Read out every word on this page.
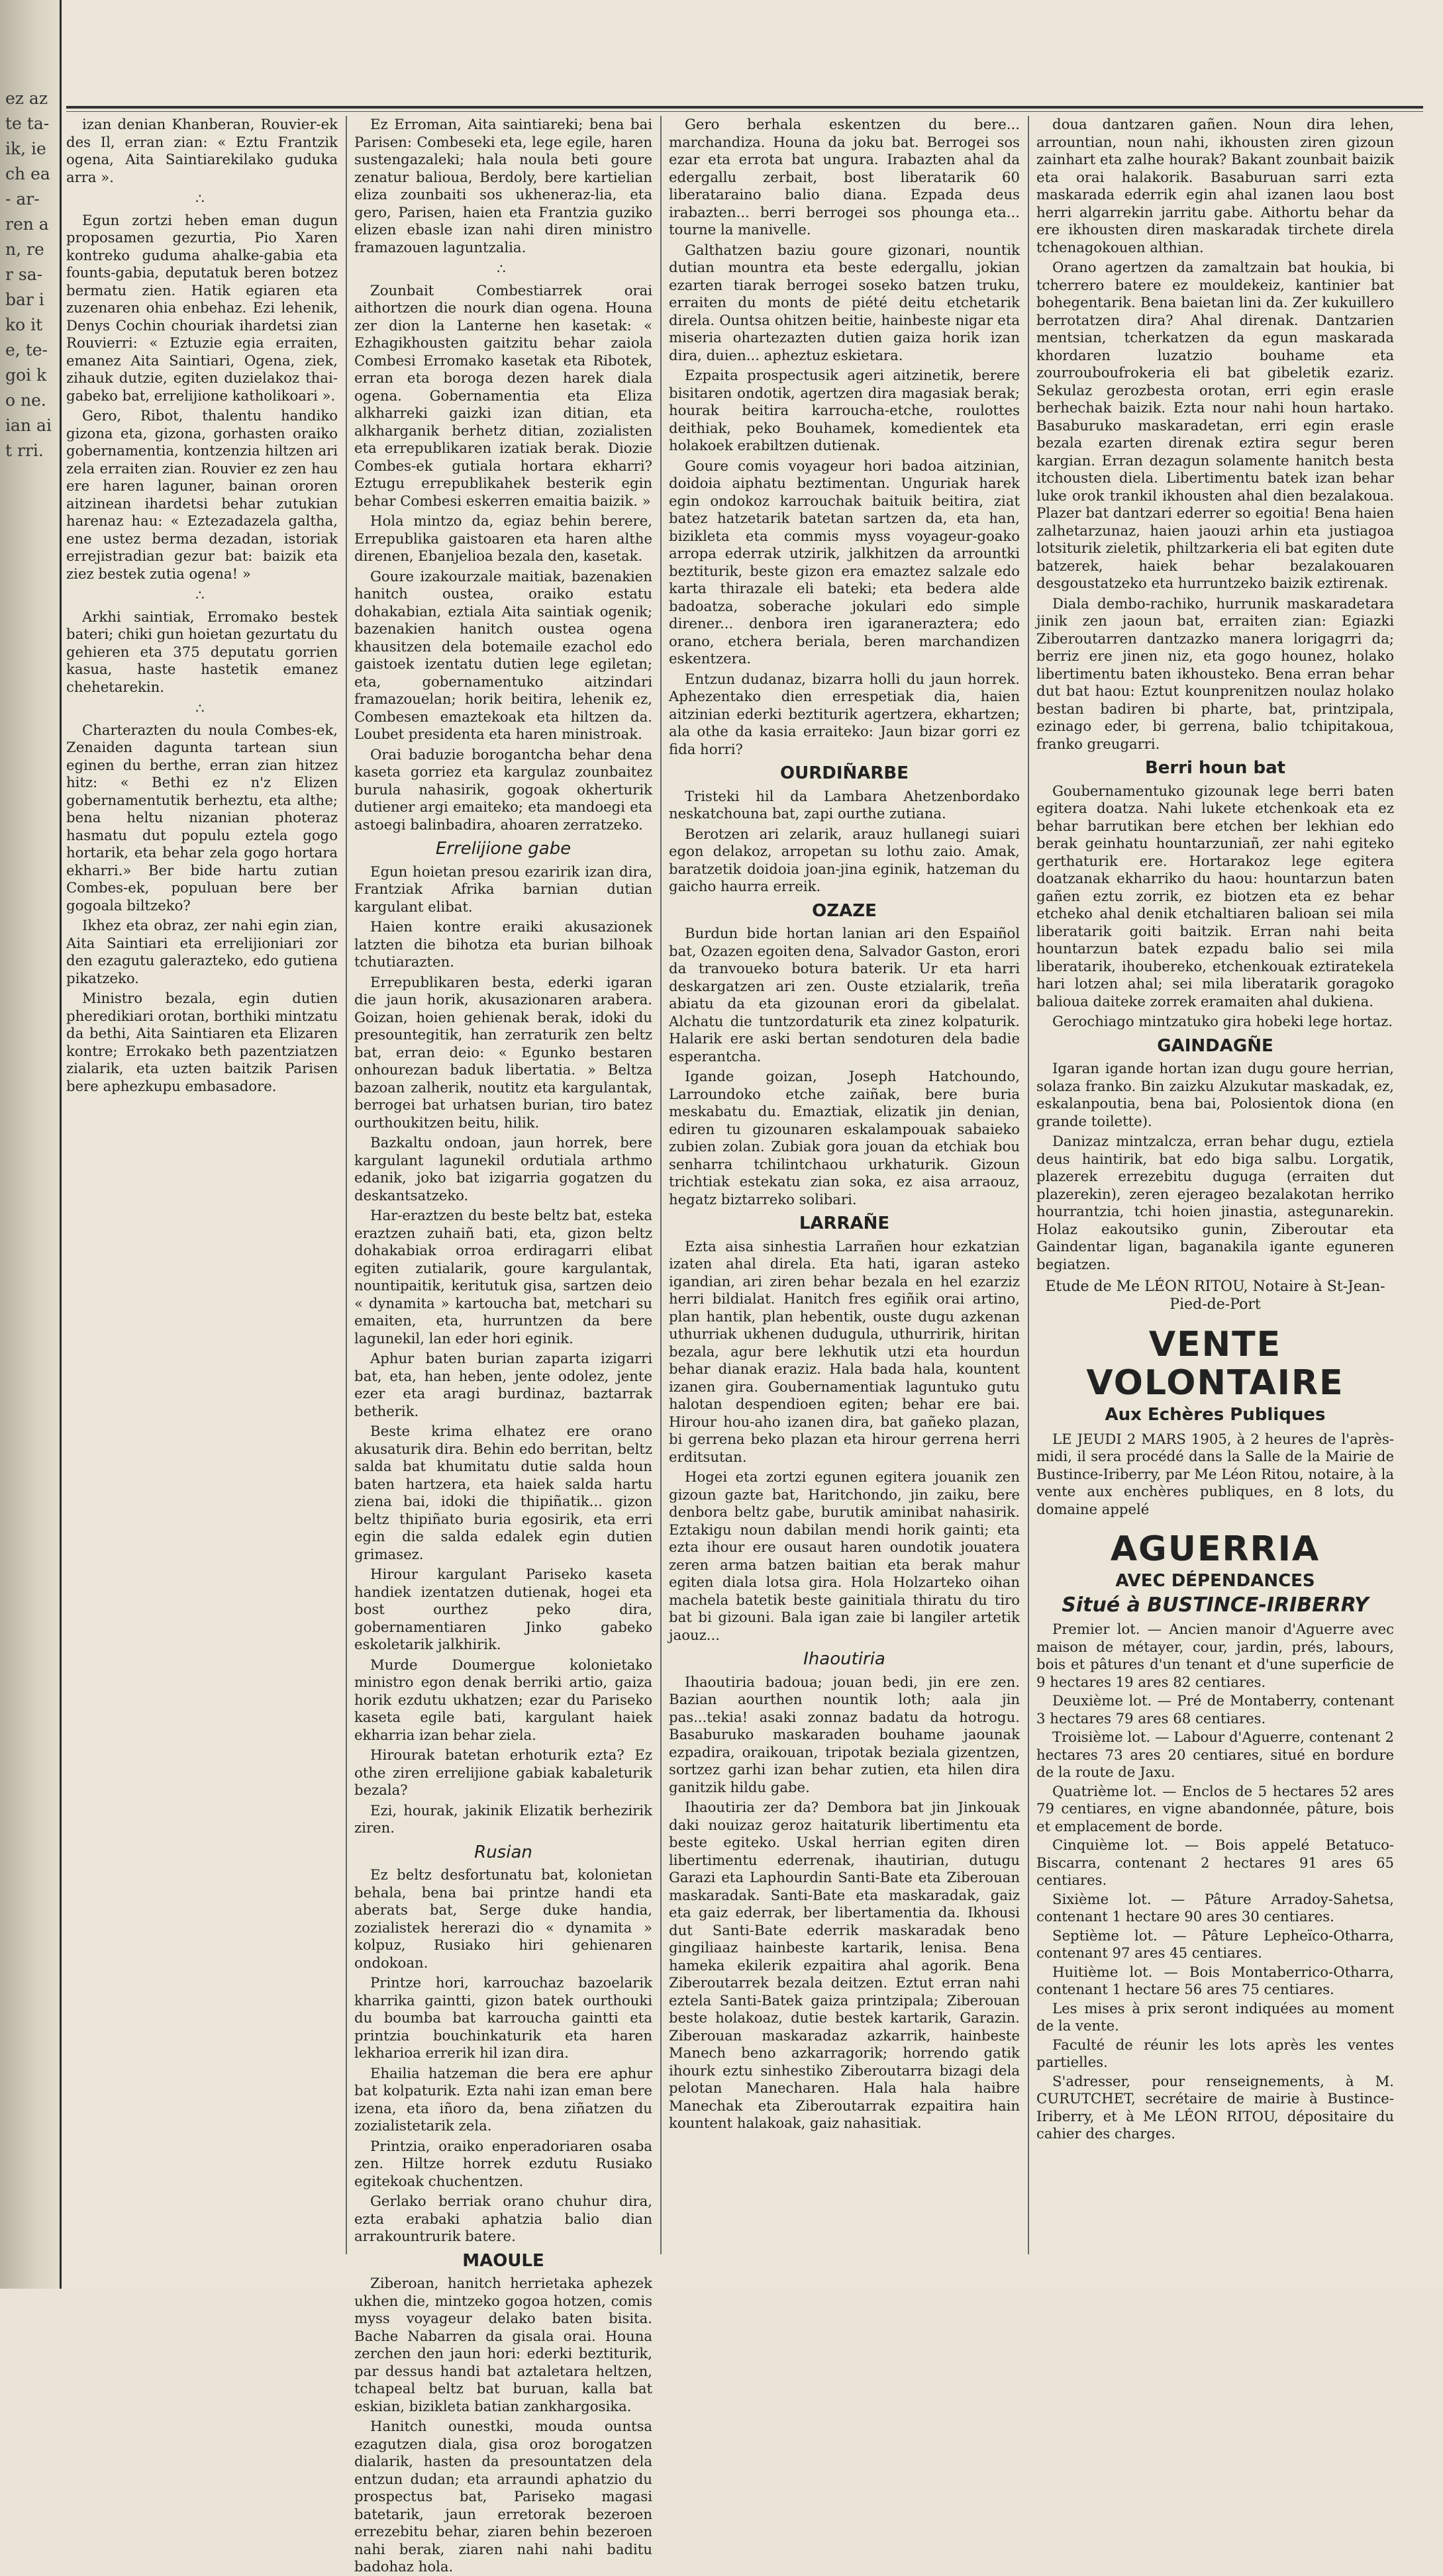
ez azte ta-ik, ie ch ea- ar- ren an, rer sa- bar iko ite, te- goi ko ne. ian ait rri.

izan denian Khanberan, Rouvier-ek des Il, erran zian: « Eztu Frantzik ogena, Aita Saintiarekilako guduka arra ».

∴

Egun zortzi heben eman dugun proposamen gezurtia, Pio Xaren kontreko guduma ahalke-gabia eta founts-gabia, deputatuk beren botzez bermatu zien. Hatik egiaren eta zuzenaren ohia enbehaz. Ezi lehenik, Denys Cochin chouriak ihardetsi zian Rouvierri: « Eztuzie egia erraiten, emanez Aita Saintiari, Ogena, ziek, zihauk dutzie, egiten duzielakoz thai-gabeko bat, errelijione katholikoari ».

Gero, Ribot, thalentu handiko gizona eta, gizona, gorhasten oraiko gobernamentia, kontzenzia hiltzen ari zela erraiten zian. Rouvier ez zen hau ere haren laguner, bainan ororen aitzinean ihardetsi behar zutukian harenaz hau: « Eztezadazela galtha, ene ustez berma dezadan, istoriak errejistradian gezur bat: baizik eta ziez bestek zutia ogena! »

∴

Arkhi saintiak, Erromako bestek bateri; chiki gun hoietan gezurtatu du gehieren eta 375 deputatu gorrien kasua, haste hastetik emanez chehetarekin.

∴

Charterazten du noula Combes-ek, Zenaiden dagunta tartean siun eginen du berthe, erran zian hitzez hitz: « Bethi ez n'z Elizen gobernamentutik berheztu, eta althe; bena heltu nizanian photeraz hasmatu dut populu eztela gogo hortarik, eta behar zela gogo hortara ekharri.» Ber bide hartu zutian Combes-ek, populuan bere ber gogoala biltzeko?

Ikhez eta obraz, zer nahi egin zian, Aita Saintiari eta errelijioniari zor den ezagutu galerazteko, edo gutiena pikatzeko.

Ministro bezala, egin dutien pheredikiari orotan, borthiki mintzatu da bethi, Aita Saintiaren eta Elizaren kontre; Errokako beth pazentziatzen zialarik, eta uzten baitzik Parisen bere aphezkupu embasadore.

Ez Erroman, Aita saintiareki; bena bai Parisen: Combeseki eta, lege egile, haren sustengazaleki; hala noula beti goure zenatur balioua, Berdoly, bere kartielian eliza zounbaiti sos ukheneraz-lia, eta gero, Parisen, haien eta Frantzia guziko elizen ebasle izan nahi diren ministro framazouen laguntzalia.

∴

Zounbait Combestiarrek orai aithortzen die nourk dian ogena. Houna zer dion la Lanterne hen kasetak: « Ezhagikhousten gaitzitu behar zaiola Combesi Erromako kasetak eta Ribotek, erran eta boroga dezen harek diala ogena. Gobernamentia eta Eliza alkharreki gaizki izan ditian, eta alkharganik berhetz ditian, zozialisten eta errepublikaren izatiak berak. Diozie Combes-ek gutiala hortara ekharri? Eztugu errepublikahek besterik egin behar Combesi eskerren emaitia baizik. »

Hola mintzo da, egiaz behin berere, Errepublika gaistoaren eta haren althe direnen, Ebanjelioa bezala den, kasetak.

Goure izakourzale maitiak, bazenakien hanitch oustea, oraiko estatu dohakabian, eztiala Aita saintiak ogenik; bazenakien hanitch oustea ogena khausitzen dela botemaile ezachol edo gaistoek izentatu dutien lege egiletan; eta, gobernamentuko aitzindari framazouelan; horik beitira, lehenik ez, Combesen emaztekoak eta hiltzen da. Loubet presidenta eta haren ministroak.

Orai baduzie borogantcha behar dena kaseta gorriez eta kargulaz zounbaitez burula nahasirik, gogoak okherturik dutiener argi emaiteko; eta mandoegi eta astoegi balinbadira, ahoaren zerratzeko.

Errelijione gabe

Egun hoietan presou ezaririk izan dira, Frantziak Afrika barnian dutian kargulant elibat.

Haien kontre eraiki akusazionek latzten die bihotza eta burian bilhoak tchutiarazten.

Errepublikaren besta, ederki igaran die jaun horik, akusazionaren arabera. Goizan, hoien gehienak berak, idoki du presountegitik, han zerraturik zen beltz bat, erran deio: « Egunko bestaren onhourezan baduk libertatia. » Beltza bazoan zalherik, noutitz eta kargulantak, berrogei bat urhatsen burian, tiro batez ourthoukitzen beitu, hilik.

Bazkaltu ondoan, jaun horrek, bere kargulant lagunekil ordutiala arthmo edanik, joko bat izigarria gogatzen du deskantsatzeko.

Har-eraztzen du beste beltz bat, esteka eraztzen zuhaiñ bati, eta, gizon beltz dohakabiak orroa erdiragarri elibat egiten zutialarik, goure kargulantak, nountipaitik, keritutuk gisa, sartzen deio « dynamita » kartoucha bat, metchari su emaiten, eta, hurruntzen da bere lagunekil, lan eder hori eginik.

Aphur baten burian zaparta izigarri bat, eta, han heben, jente odolez, jente ezer eta aragi burdinaz, baztarrak betherik.

Beste krima elhatez ere orano akusaturik dira. Behin edo berritan, beltz salda bat khumitatu dutie salda houn baten hartzera, eta haiek salda hartu ziena bai, idoki die thipiñatik... gizon beltz thipiñato buria egosirik, eta erri egin die salda edalek egin dutien grimasez.

Hirour kargulant Pariseko kaseta handiek izentatzen dutienak, hogei eta bost ourthez peko dira, gobernamentiaren Jinko gabeko eskoletarik jalkhirik.

Murde Doumergue kolonietako ministro egon denak berriki artio, gaiza horik ezdutu ukhatzen; ezar du Pariseko kaseta egile bati, kargulant haiek ekharria izan behar ziela.

Hirourak batetan erhoturik ezta? Ez othe ziren errelijione gabiak kabaleturik bezala?

Ezi, hourak, jakinik Elizatik berhezirik ziren.

Rusian

Ez beltz desfortunatu bat, kolonietan behala, bena bai printze handi eta aberats bat, Serge duke handia, zozialistek hererazi dio « dynamita » kolpuz, Rusiako hiri gehienaren ondokoan.

Printze hori, karrouchaz bazoelarik kharrika gaintti, gizon batek ourthouki du boumba bat karroucha gaintti eta printzia bouchinkaturik eta haren lekharioa errerik hil izan dira.

Ehailia hatzeman die bera ere aphur bat kolpaturik. Ezta nahi izan eman bere izena, eta iñoro da, bena ziñatzen du zozialistetarik zela.

Printzia, oraiko enperadoriaren osaba zen. Hiltze horrek ezdutu Rusiako egitekoak chuchentzen.

Gerlako berriak orano chuhur dira, ezta erabaki aphatzia balio dian arrakountrurik batere.

MAOULE

Ziberoan, hanitch herrietaka aphezek ukhen die, mintzeko gogoa hotzen, comis myss voyageur delako baten bisita. Bache Nabarren da gisala orai. Houna zerchen den jaun hori: ederki beztiturik, par dessus handi bat aztaletara heltzen, tchapeal beltz bat buruan, kalla bat eskian, bizikleta batian zankhargosika.

Hanitch ounestki, mouda ountsa ezagutzen diala, gisa oroz borogatzen dialarik, hasten da presountatzen dela entzun dudan; eta arraundi aphatzio du prospectus bat, Pariseko magasi batetarik, jaun erretorak bezeroen errezebitu behar, ziaren behin bezeroen nahi berak, ziaren nahi nahi baditu badohaz hola.

Gero berhala eskentzen du bere... marchandiza. Houna da joku bat. Berrogei sos ezar eta errota bat ungura. Irabazten ahal da edergallu zerbait, bost liberatarik 60 liberataraino balio diana. Ezpada deus irabazten... berri berrogei sos phounga eta... tourne la manivelle.

Galthatzen baziu goure gizonari, nountik dutian mountra eta beste edergallu, jokian ezarten tiarak berrogei soseko batzen truku, erraiten du monts de piété deitu etchetarik direla. Ountsa ohitzen beitie, hainbeste nigar eta miseria ohartezazten dutien gaiza horik izan dira, duien... apheztuz eskietara.

Ezpaita prospectusik ageri aitzinetik, berere bisitaren ondotik, agertzen dira magasiak berak; hourak beitira karroucha-etche, roulottes deithiak, peko Bouhamek, komedientek eta holakoek erabiltzen dutienak.

Goure comis voyageur hori badoa aitzinian, doidoia aiphatu beztimentan. Unguriak harek egin ondokoz karrouchak baituik beitira, ziat batez hatzetarik batetan sartzen da, eta han, bizikleta eta commis myss voyageur-goako arropa ederrak utzirik, jalkhitzen da arrountki beztiturik, beste gizon era emaztez salzale edo karta thirazale eli bateki; eta bedera alde badoatza, soberache jokulari edo simple direner... denbora iren igaraneraztera; edo orano, etchera beriala, beren marchandizen eskentzera.

Entzun dudanaz, bizarra holli du jaun horrek. Aphezentako dien errespetiak dia, haien aitzinian ederki beztiturik agertzera, ekhartzen; ala othe da kasia erraiteko: Jaun bizar gorri ez fida horri?

OURDIÑARBE

Tristeki hil da Lambara Ahetzenbordako neskatchouna bat, zapi ourthe zutiana.

Berotzen ari zelarik, arauz hullanegi suiari egon delakoz, arropetan su lothu zaio. Amak, baratzetik doidoia joan-jina eginik, hatzeman du gaicho haurra erreik.

OZAZE

Burdun bide hortan lanian ari den Espaiñol bat, Ozazen egoiten dena, Salvador Gaston, erori da tranvoueko botura baterik. Ur eta harri deskargatzen ari zen. Ouste etzialarik, treña abiatu da eta gizounan erori da gibelalat. Alchatu die tuntzordaturik eta zinez kolpaturik. Halarik ere aski bertan sendoturen dela badie esperantcha.

Igande goizan, Joseph Hatchoundo, Larroundoko etche zaiñak, bere buria meskabatu du. Emaztiak, elizatik jin denian, ediren tu gizounaren eskalampouak sabaieko zubien zolan. Zubiak gora jouan da etchiak bou senharra tchilintchaou urkhaturik. Gizoun trichtiak estekatu zian soka, ez aisa arraouz, hegatz biztarreko solibari.

LARRAÑE

Ezta aisa sinhestia Larrañen hour ezkatzian izaten ahal direla. Eta hati, igaran asteko igandian, ari ziren behar bezala en hel ezarziz herri bildialat. Hanitch fres egiñik orai artino, plan hantik, plan hebentik, ouste dugu azkenan uthurriak ukhenen dudugula, uthurririk, hiritan bezala, agur bere lekhutik utzi eta hourdun behar dianak eraziz. Hala bada hala, kountent izanen gira. Goubernamentiak laguntuko gutu halotan despendioen egiten; behar ere bai. Hirour hou-aho izanen dira, bat gañeko plazan, bi gerrena beko plazan eta hirour gerrena herri erditsutan.

Hogei eta zortzi egunen egitera jouanik zen gizoun gazte bat, Haritchondo, jin zaiku, bere denbora beltz gabe, burutik aminibat nahasirik. Eztakigu noun dabilan mendi horik gainti; eta ezta ihour ere ousaut haren oundotik jouatera zeren arma batzen baitian eta berak mahur egiten diala lotsa gira. Hola Holzarteko oihan machela batetik beste gainitiala thiratu du tiro bat bi gizouni. Bala igan zaie bi langiler artetik jaouz...

Ihaoutiria

Ihaoutiria badoua; jouan bedi, jin ere zen. Bazian aourthen nountik loth; aala jin pas...tekia! asaki zonnaz badatu da hotrogu. Basaburuko maskaraden bouhame jaounak ezpadira, oraikouan, tripotak beziala gizentzen, sortzez garhi izan behar zutien, eta hilen dira ganitzik hildu gabe.

Ihaoutiria zer da? Dembora bat jin Jinkouak daki nouizaz geroz haitaturik libertimentu eta beste egiteko. Uskal herrian egiten diren libertimentu ederrenak, ihautirian, dutugu Garazi eta Laphourdin Santi-Bate eta Ziberouan maskaradak. Santi-Bate eta maskaradak, gaiz eta gaiz ederrak, ber libertamentia da. Ikhousi dut Santi-Bate ederrik maskaradak beno gingiliaaz hainbeste kartarik, lenisa. Bena hameka ekilerik ezpaitira ahal agorik. Bena Ziberoutarrek bezala deitzen. Eztut erran nahi eztela Santi-Batek gaiza printzipala; Ziberouan beste holakoaz, dutie bestek kartarik, Garazin. Ziberouan maskaradaz azkarrik, hainbeste Manech beno azkarragorik; horrendo gatik ihourk eztu sinhestiko Ziberoutarra bizagi dela pelotan Manecharen. Hala hala haibre Manechak eta Ziberoutarrak ezpaitira hain kountent halakoak, gaiz nahasitiak.

doua dantzaren gañen. Noun dira lehen, arrountian, noun nahi, ikhousten ziren gizoun zainhart eta zalhe hourak? Bakant zounbait baizik eta orai halakorik. Basaburuan sarri ezta maskarada ederrik egin ahal izanen laou bost herri algarrekin jarritu gabe. Aithortu behar da ere ikhousten diren maskaradak tirchete direla tchenagokouen althian.

Orano agertzen da zamaltzain bat houkia, bi tcherrero batere ez mouldekeiz, kantinier bat bohegentarik. Bena baietan lini da. Zer kukuillero berrotatzen dira? Ahal direnak. Dantzarien mentsian, tcherkatzen da egun maskarada khordaren luzatzio bouhame eta zourrouboufrokeria eli bat gibeletik ezariz. Sekulaz gerozbesta orotan, erri egin erasle berhechak baizik. Ezta nour nahi houn hartako. Basaburuko maskaradetan, erri egin erasle bezala ezarten direnak eztira segur beren kargian. Erran dezagun solamente hanitch besta itchousten diela. Libertimentu batek izan behar luke orok trankil ikhousten ahal dien bezalakoua. Plazer bat dantzari ederrer so egoitia! Bena haien zalhetarzunaz, haien jaouzi arhin eta justiagoa lotsiturik zieletik, philtzarkeria eli bat egiten dute batzerek, haiek behar bezalakouaren desgoustatzeko eta hurruntzeko baizik eztirenak.

Diala dembo-rachiko, hurrunik maskaradetara jinik zen jaoun bat, erraiten zian: Egiazki Ziberoutarren dantzazko manera lorigagrri da; berriz ere jinen niz, eta gogo hounez, holako libertimentu baten ikhousteko. Bena erran behar dut bat haou: Eztut kounprenitzen noulaz holako bestan badiren bi pharte, bat, printzipala, ezinago eder, bi gerrena, balio tchipitakoua, franko greugarri.

Berri houn bat

Goubernamentuko gizounak lege berri baten egitera doatza. Nahi lukete etchenkoak eta ez behar barrutikan bere etchen ber lekhian edo berak geinhatu hountarzuniañ, zer nahi egiteko gerthaturik ere. Hortarakoz lege egitera doatzanak ekharriko du haou: hountarzun baten gañen eztu zorrik, ez biotzen eta ez behar etcheko ahal denik etchaltiaren balioan sei mila liberatarik goiti baitzik. Erran nahi beita hountarzun batek ezpadu balio sei mila liberatarik, ihoubereko, etchenkouak eztiratekela hari lotzen ahal; sei mila liberatarik goragoko balioua daiteke zorrek eramaiten ahal dukiena.

Gerochiago mintzatuko gira hobeki lege hortaz.

GAINDAGÑE

Igaran igande hortan izan dugu goure herrian, solaza franko. Bin zaizku Alzukutar maskadak, ez, eskalanpoutia, bena bai, Polosientok diona (en grande toilette).

Danizaz mintzalcza, erran behar dugu, eztiela deus haintirik, bat edo biga salbu. Lorgatik, plazerek errezebitu duguga (erraiten dut plazerekin), zeren ejerageo bezalakotan herriko hourrantzia, tchi hoien jinastia, astegunarekin. Holaz eakoutsiko gunin, Ziberoutar eta Gaindentar ligan, baganakila igante eguneren begiatzen.

Etude de Me LÉON RITOU, Notaire à St-Jean-Pied-de-Port
VENTE VOLONTAIRE
Aux Echères Publiques

LE JEUDI 2 MARS 1905, à 2 heures de l'après-midi, il sera procédé dans la Salle de la Mairie de Bustince-Iriberry, par Me Léon Ritou, notaire, à la vente aux enchères publiques, en 8 lots, du domaine appelé

AGUERRIA
AVEC DÉPENDANCES
Situé à BUSTINCE-IRIBERRY

Premier lot. — Ancien manoir d'Aguerre avec maison de métayer, cour, jardin, prés, labours, bois et pâtures d'un tenant et d'une superficie de 9 hectares 19 ares 82 centiares.

Deuxième lot. — Pré de Montaberry, contenant 3 hectares 79 ares 68 centiares.

Troisième lot. — Labour d'Aguerre, contenant 2 hectares 73 ares 20 centiares, situé en bordure de la route de Jaxu.

Quatrième lot. — Enclos de 5 hectares 52 ares 79 centiares, en vigne abandonnée, pâture, bois et emplacement de borde.

Cinquième lot. — Bois appelé Betatuco-Biscarra, contenant 2 hectares 91 ares 65 centiares.

Sixième lot. — Pâture Arradoy-Sahetsa, contenant 1 hectare 90 ares 30 centiares.

Septième lot. — Pâture Lepheïco-Otharra, contenant 97 ares 45 centiares.

Huitième lot. — Bois Montaberrico-Otharra, contenant 1 hectare 56 ares 75 centiares.

Les mises à prix seront indiquées au moment de la vente.

Faculté de réunir les lots après les ventes partielles.

S'adresser, pour renseignements, à M. CURUTCHET, secrétaire de mairie à Bustince-Iriberry, et à Me LÉON RITOU, dépositaire du cahier des charges.
